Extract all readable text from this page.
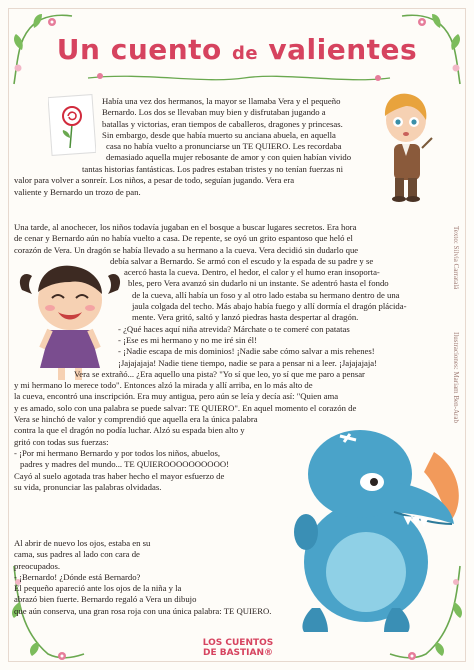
Un cuento de valientes
Había una vez dos hermanos, la mayor se llamaba Vera y el pequeño
Bernardo. Los dos se llevaban muy bien y disfrutaban jugando a
batallas y victorias, eran tiempos de caballeros, dragones y princesas.
Sin embargo, desde que había muerto su anciana abuela, en aquella
casa no había vuelto a pronunciarse un TE QUIERO. Les recordaba
demasiado aquella mujer rebosante de amor y con quien habían vivido
tantas historias fantásticas. Los padres estaban tristes y no tenían fuerzas ni
valor para volver a sonreír. Los niños, a pesar de todo, seguían jugando. Vera era
valiente y Bernardo un trozo de pan.
Una tarde, al anochecer, los niños todavía jugaban en el bosque a buscar lugares secretos. Era hora
de cenar y Bernardo aún no había vuelto a casa. De repente, se oyó un grito espantoso que heló el
corazón de Vera. Un dragón se había llevado a su hermano a la cueva. Vera decidió sin dudarlo que
debía salvar a Bernardo. Se armó con el escudo y la espada de su padre y se
acercó hasta la cueva. Dentro, el hedor, el calor y el humo eran insoporta-
bles, pero Vera avanzó sin dudarlo ni un instante. Se adentró hasta el fondo
de la cueva, allí había un foso y al otro lado estaba su hermano dentro de una
jaula colgada del techo. Más abajo había fuego y allí dormía el dragón plácida-
mente. Vera gritó, saltó y lanzó piedras hasta despertar al dragón.
- ¿Qué haces aquí niña atrevida? Márchate o te comeré con patatas
- ¡Ese es mi hermano y no me iré sin él!
- ¡Nadie escapa de mis dominios! ¡Nadie sabe cómo salvar a mis rehenes!
¡Jajajajaja! Nadie tiene tiempo, nadie se para a pensar ni a leer. ¡Jajajajaja!
Vera se extrañó... ¿Era aquello una pista? "Yo sí que leo, yo sí que me paro a pensar
y mi hermano lo merece todo". Entonces alzó la mirada y allí arriba, en lo más alto de
la cueva, encontró una inscripción. Era muy antigua, pero aún se leía y decía así: "Quien ama
y es amado, solo con una palabra se puede salvar: TE QUIERO". En aquel momento el corazón de
Vera se hinchó de valor y comprendió que aquella era la única palabra
contra la que el dragón no podía luchar. Alzó su espada bien alto y
gritó con todas sus fuerzas:
- ¡Por mi hermano Bernardo y por todos los niños, abuelos,
padres y madres del mundo... TE QUIEROOOOOOOOOO!
Cayó al suelo agotada tras haber hecho el mayor esfuerzo de
su vida, pronunciar las palabras olvidadas.
Al abrir de nuevo los ojos, estaba en su
cama, sus padres al lado con cara de
preocupados.
- ¡Bernardo! ¿Dónde está Bernardo?
El pequeño apareció ante los ojos de la niña y la
abrazó bien fuerte. Bernardo regaló a Vera un dibujo
que aún conserva, una gran rosa roja con una única palabra: TE QUIERO.
Texto: Silvia Carratalá
Ilustraciones: Mariam Ben-Arab
LOS CUENTOS
DE BASTIAN®
